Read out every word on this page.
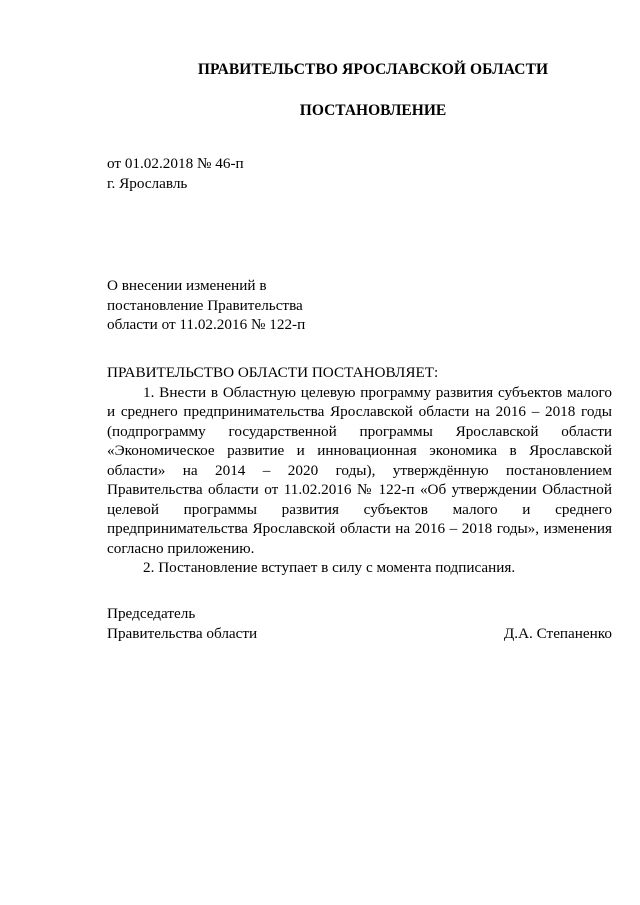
ПРАВИТЕЛЬСТВО ЯРОСЛАВСКОЙ ОБЛАСТИ
ПОСТАНОВЛЕНИЕ
от 01.02.2018 № 46-п
г. Ярославль
О внесении изменений в
постановление Правительства
области от 11.02.2016 № 122-п
ПРАВИТЕЛЬСТВО ОБЛАСТИ ПОСТАНОВЛЯЕТ:

1. Внести в Областную целевую программу развития субъектов малого и среднего предпринимательства Ярославской области на 2016 – 2018 годы (подпрограмму государственной программы Ярославской области «Экономическое развитие и инновационная экономика в Ярославской области» на 2014 – 2020 годы), утверждённую постановлением Правительства области от 11.02.2016 № 122-п «Об утверждении Областной целевой программы развития субъектов малого и среднего предпринимательства Ярославской области на 2016 – 2018 годы», изменения согласно приложению.

2. Постановление вступает в силу с момента подписания.

Председатель
Правительства области	Д.А. Степаненко
